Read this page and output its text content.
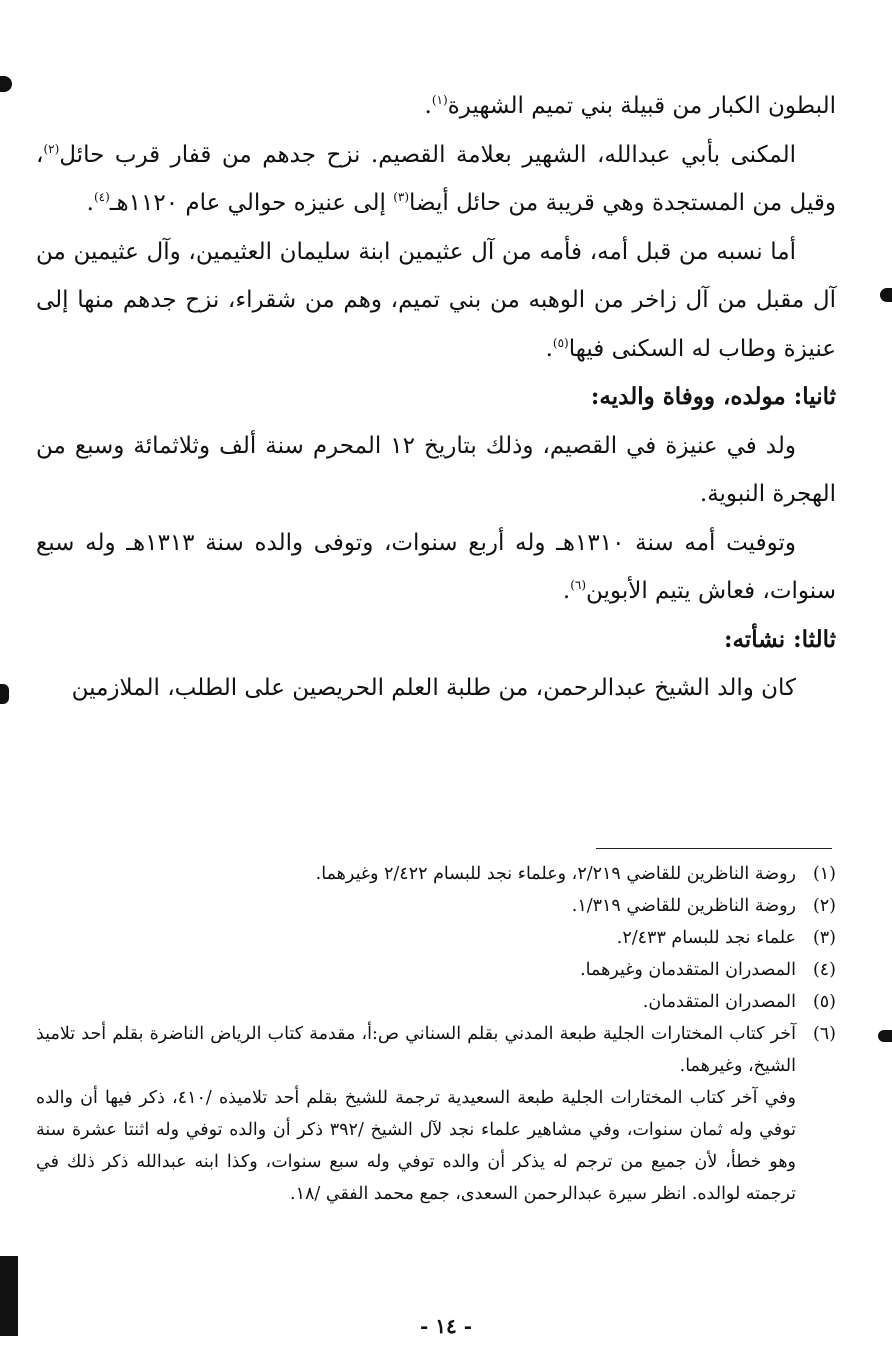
البطون الكبار من قبيلة بني تميم الشهيرة$^{(١)}$.

المكنى بأبي عبدالله، الشهير بعلامة القصيم. نزح جدهم من قفار قرب حائل$^{(٢)}$، وقيل من المستجدة وهي قريبة من حائل أيضا$^{(٣)}$ إلى عنيزه حوالي عام ١١٢٠هـ$^{(٤)}$.

أما نسبه من قبل أمه، فأمه من آل عثيمين ابنة سليمان العثيمين، وآل عثيمين من آل مقبل من آل زاخر من الوهبه من بني تميم، وهم من شقراء، نزح جدهم منها إلى عنيزة وطاب له السكنى فيها$^{(٥)}$.

ثانيا: مولده، ووفاة والديه:

ولد في عنيزة في القصيم، وذلك بتاريخ ١٢ المحرم سنة ألف وثلاثمائة وسبع من الهجرة النبوية.

وتوفيت أمه سنة ١٣١٠هـ وله أربع سنوات، وتوفى والده سنة ١٣١٣هـ وله سبع سنوات، فعاش يتيم الأبوين$^{(٦)}$.

ثالثا: نشأته:

كان والد الشيخ عبدالرحمن، من طلبة العلم الحريصين على الطلب، الملازمين

(١)
روضة الناظرين للقاضي ٢/٢١٩، وعلماء نجد للبسام ٢/٤٢٢ وغيرهما.
(٢)
روضة الناظرين للقاضي ١/٣١٩.
(٣)
علماء نجد للبسام ٢/٤٣٣.
(٤)
المصدران المتقدمان وغيرهما.
(٥)
المصدران المتقدمان.
(٦)
آخر كتاب المختارات الجلية طبعة المدني بقلم السناني ص:أ، مقدمة كتاب الرياض الناضرة بقلم أحد تلاميذ الشيخ، وغيرهما.
وفي آخر كتاب المختارات الجلية طبعة السعيدية ترجمة للشيخ بقلم أحد تلاميذه /٤١٠، ذكر فيها أن والده توفي وله ثمان سنوات، وفي مشاهير علماء نجد لآل الشيخ /٣٩٢ ذكر أن والده توفي وله اثنتا عشرة سنة وهو خطأ، لأن جميع من ترجم له يذكر أن والده توفي وله سبع سنوات، وكذا ابنه عبدالله ذكر ذلك في ترجمته لوالده. انظر سيرة عبدالرحمن السعدى، جمع محمد الفقي /١٨.
- ١٤ -
